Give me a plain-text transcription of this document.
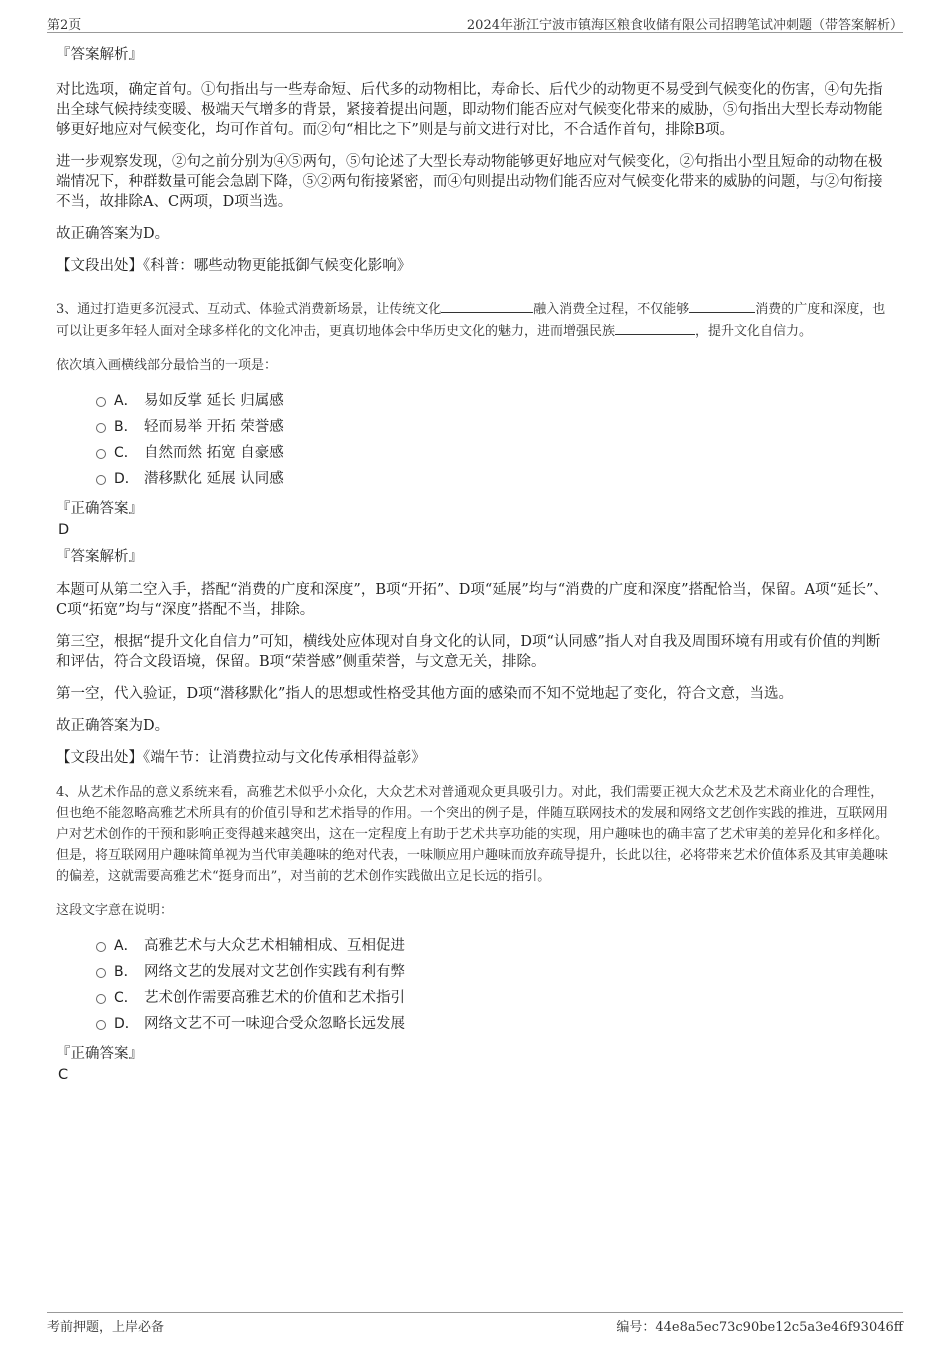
第2页	2024年浙江宁波市镇海区粮食收储有限公司招聘笔试冲刺题（带答案解析）

『答案解析』

对比选项，确定首句。①句指出与一些寿命短、后代多的动物相比，寿命长、后代少的动物更不易受到气候变化的伤害，④句先指出全球气候持续变暖、极端天气增多的背景，紧接着提出问题，即动物们能否应对气候变化带来的威胁，⑤句指出大型长寿动物能够更好地应对气候变化，均可作首句。而②句“相比之下”则是与前文进行对比，不合适作首句，排除B项。

进一步观察发现，②句之前分别为④⑤两句，⑤句论述了大型长寿动物能够更好地应对气候变化，②句指出小型且短命的动物在极端情况下，种群数量可能会急剧下降，⑤②两句衔接紧密，而④句则提出动物们能否应对气候变化带来的威胁的问题，与②句衔接不当，故排除A、C两项，D项当选。

故正确答案为D。

【文段出处】《科普：哪些动物更能抵御气候变化影响》

3、通过打造更多沉浸式、互动式、体验式消费新场景，让传统文化	融入消费全过程，不仅能够	消费的广度和深度，也可以让更多年轻人面对全球多样化的文化冲击，更真切地体会中华历史文化的魅力，进而增强民族	，提升文化自信力。

依次填入画横线部分最恰当的一项是：

A． 易如反掌 延长 归属感
B． 轻而易举 开拓 荣誉感
C． 自然而然 拓宽 自豪感
D． 潜移默化 延展 认同感

『正确答案』

D

『答案解析』

本题可从第二空入手，搭配“消费的广度和深度”，B项“开拓”、D项“延展”均与“消费的广度和深度”搭配恰当，保留。A项“延长”、C项“拓宽”均与“深度”搭配不当，排除。

第三空，根据“提升文化自信力”可知，横线处应体现对自身文化的认同，D项“认同感”指人对自我及周围环境有用或有价值的判断和评估，符合文段语境，保留。B项“荣誉感”侧重荣誉，与文意无关，排除。

第一空，代入验证，D项“潜移默化”指人的思想或性格受其他方面的感染而不知不觉地起了变化，符合文意，当选。

故正确答案为D。

【文段出处】《端午节：让消费拉动与文化传承相得益彰》

4、从艺术作品的意义系统来看，高雅艺术似乎小众化，大众艺术对普通观众更具吸引力。对此，我们需要正视大众艺术及艺术商业化的合理性，但也绝不能忽略高雅艺术所具有的价值引导和艺术指导的作用。一个突出的例子是，伴随互联网技术的发展和网络文艺创作实践的推进，互联网用户对艺术创作的干预和影响正变得越来越突出，这在一定程度上有助于艺术共享功能的实现，用户趣味也的确丰富了艺术审美的差异化和多样化。但是，将互联网用户趣味简单视为当代审美趣味的绝对代表，一味顺应用户趣味而放弃疏导提升，长此以往，必将带来艺术价值体系及其审美趣味的偏差，这就需要高雅艺术“挺身而出”，对当前的艺术创作实践做出立足长远的指引。

这段文字意在说明：

A． 高雅艺术与大众艺术相辅相成、互相促进
B． 网络文艺的发展对文艺创作实践有利有弊
C． 艺术创作需要高雅艺术的价值和艺术指引
D． 网络文艺不可一味迎合受众忽略长远发展

『正确答案』

C

考前押题，上岸必备	编号：44e8a5ec73c90be12c5a3e46f93046ff
